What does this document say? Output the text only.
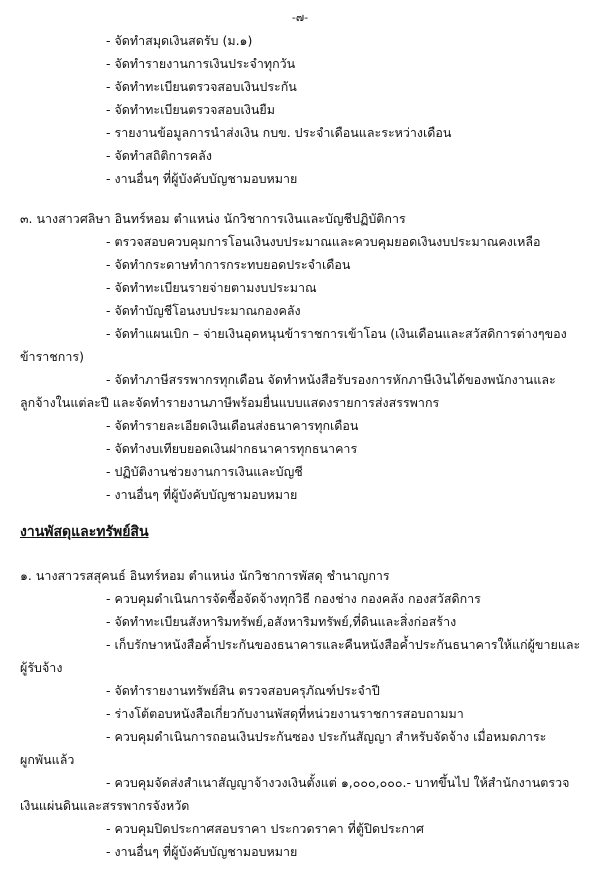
-๗-
- จัดทำสมุดเงินสดรับ (ม.๑)
- จัดทำรายงานการเงินประจำทุกวัน
- จัดทำทะเบียนตรวจสอบเงินประกัน
- จัดทำทะเบียนตรวจสอบเงินยืม
- รายงานข้อมูลการนำส่งเงิน กบข. ประจำเดือนและระหว่างเดือน
- จัดทำสถิติการคลัง
- งานอื่นๆ ที่ผู้บังคับบัญชามอบหมาย
๓. นางสาวศลิษา อินทร์หอม ตำแหน่ง นักวิชาการเงินและบัญชีปฏิบัติการ
- ตรวจสอบควบคุมการโอนเงินงบประมาณและควบคุมยอดเงินงบประมาณคงเหลือ
- จัดทำกระดาษทำการกระทบยอดประจำเดือน
- จัดทำทะเบียนรายจ่ายตามงบประมาณ
- จัดทำบัญชีโอนงบประมาณกองคลัง
- จัดทำแผนเบิก – จ่ายเงินอุดหนุนข้าราชการเข้าโอน (เงินเดือนและสวัสดิการต่างๆของ
ข้าราชการ)
- จัดทำภาษีสรรพากรทุกเดือน จัดทำหนังสือรับรองการหักภาษีเงินได้ของพนักงานและ
ลูกจ้างในแต่ละปี และจัดทำรายงานภาษีพร้อมยื่นแบบแสดงรายการส่งสรรพากร
- จัดทำรายละเอียดเงินเดือนส่งธนาคารทุกเดือน
- จัดทำงบเทียบยอดเงินฝากธนาคารทุกธนาคาร
- ปฏิบัติงานช่วยงานการเงินและบัญชี
- งานอื่นๆ ที่ผู้บังคับบัญชามอบหมาย
งานพัสดุและทรัพย์สิน
๑. นางสาวรสสุคนธ์ อินทร์หอม ตำแหน่ง นักวิชาการพัสดุ ชำนาญการ
- ควบคุมดำเนินการจัดซื้อจัดจ้างทุกวิธี กองช่าง กองคลัง กองสวัสดิการ
- จัดทำทะเบียนสังหาริมทรัพย์,อสังหาริมทรัพย์,ที่ดินและสิ่งก่อสร้าง
- เก็บรักษาหนังสือค้ำประกันของธนาคารและคืนหนังสือค้ำประกันธนาคารให้แก่ผู้ขายและ
ผู้รับจ้าง
- จัดทำรายงานทรัพย์สิน ตรวจสอบครุภัณฑ์ประจำปี
- ร่างโต้ตอบหนังสือเกี่ยวกับงานพัสดุที่หน่วยงานราชการสอบถามมา
- ควบคุมดำเนินการถอนเงินประกันซอง ประกันสัญญา สำหรับจัดจ้าง เมื่อหมดภาระ
ผูกพันแล้ว
- ควบคุมจัดส่งสำเนาสัญญาจ้างวงเงินตั้งแต่ ๑,๐๐๐,๐๐๐.- บาทขึ้นไป ให้สำนักงานตรวจ
เงินแผ่นดินและสรรพากรจังหวัด
- ควบคุมปิดประกาศสอบราคา ประกวดราคา ที่ตู้ปิดประกาศ
- งานอื่นๆ ที่ผู้บังคับบัญชามอบหมาย
